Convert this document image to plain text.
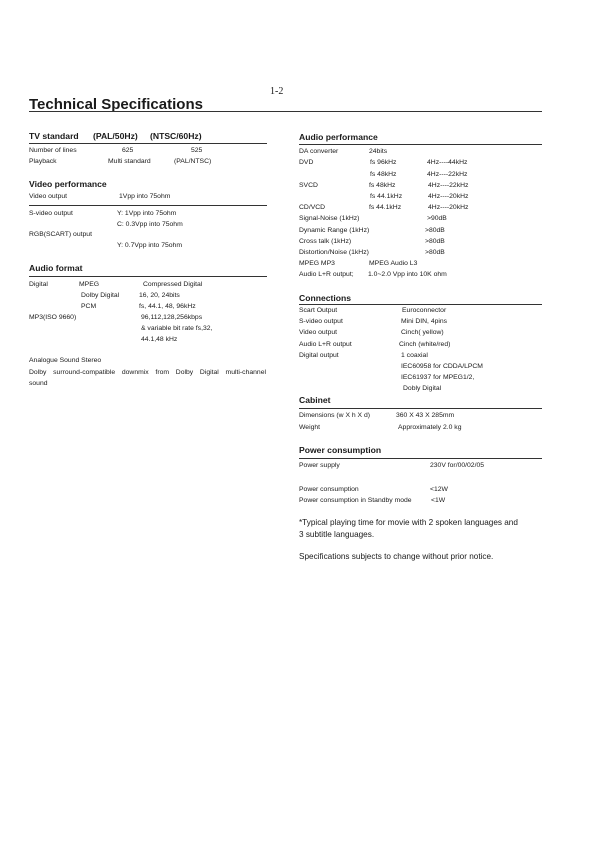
1-2
Technical Specifications
TV standard (PAL/50Hz) (NTSC/60Hz)
Number of lines	625	525
Playback	Multi standard	(PAL/NTSC)
Video performance
Video output	1Vpp into 75ohm
S-video output	Y: 1Vpp into 75ohm
C: 0.3Vpp into 75ohm
RGB(SCART) output
Y: 0.7Vpp into 75ohm
Audio format
Digital	MPEG	Compressed Digital
Dolby Digital	16, 20, 24bits
PCM	fs, 44.1, 48, 96kHz
MP3(ISO 9660)	96,112,128,256kbps
& variable bit rate fs,32,
44.1,48 kHz
Analogue Sound Stereo
Dolby surround-compatible downmix from Dolby Digital multi-channel
sound
Audio performance
DA converter	24bits
DVD	fs 96kHz	4Hz----44kHz
fs 48kHz	4Hz----22kHz
SVCD	fs 48kHz	4Hz----22kHz
fs 44.1kHz	4Hz----20kHz
CD/VCD	fs 44.1kHz	4Hz----20kHz
Signal-Noise (1kHz)	>90dB
Dynamic Range (1kHz)	>80dB
Cross talk (1kHz)	>80dB
Distortion/Noise (1kHz)	>80dB
MPEG MP3	MPEG Audio L3
Audio L+R output; 1.0~2.0 Vpp into 10K ohm
Connections
Scart Output	Euroconnector
S-video output	Mini DIN, 4pins
Video output	Cinch( yellow)
Audio L+R output	Cinch (white/red)
Digital output	1 coaxial
IEC60958 for CDDA/LPCM
IEC61937 for MPEG1/2,
Dobly Digital
Cabinet
Dimensions (w X h X d)	360 X 43 X 285mm
Weight	Approximately 2.0 kg
Power consumption
Power supply	230V for/00/02/05
Power consumption	<12W
Power consumption in Standby mode	<1W
*Typical playing time for movie with 2 spoken languages and
3 subtitle languages.
Specifications subjects to change without prior notice.
